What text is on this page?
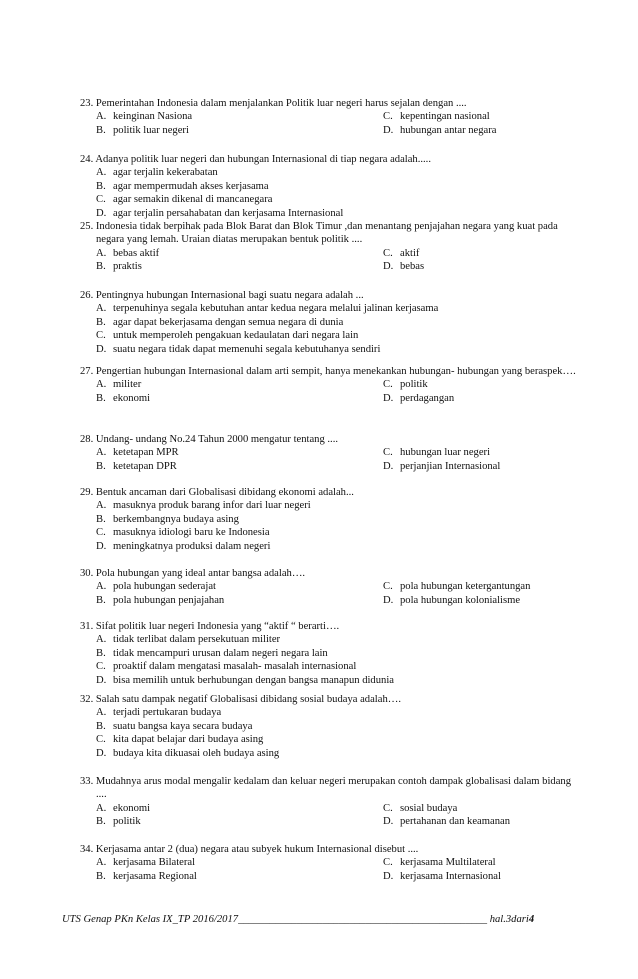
23. Pemerintahan Indonesia dalam menjalankan Politik luar negeri harus sejalan dengan ....

A. keinginan Nasiona	C. kepentingan nasional
B. politik luar negeri	D. hubungan antar negara

24. Adanya politik luar negeri dan hubungan Internasional di tiap negara adalah.....

A. agar terjalin kekerabatan
B. agar mempermudah akses kerjasama
C. agar semakin dikenal di mancanegara
D. agar terjalin persahabatan dan kerjasama Internasional

25. Indonesia tidak berpihak pada Blok Barat dan Blok Timur ,dan menantang penjajahan negara yang kuat pada negara yang lemah. Uraian diatas merupakan bentuk politik ....

A. bebas aktif	C. aktif
B. praktis	D. bebas

26. Pentingnya hubungan Internasional bagi suatu negara adalah ...

A. terpenuhinya segala kebutuhan antar kedua negara melalui jalinan kerjasama
B. agar dapat bekerjasama dengan semua negara di dunia
C. untuk memperoleh pengakuan kedaulatan dari negara lain
D. suatu negara tidak dapat memenuhi segala kebutuhanya sendiri

27. Pengertian hubungan Internasional dalam arti sempit, hanya menekankan hubungan- hubungan yang beraspek….

A. militer	C. politik
B. ekonomi	D. perdagangan

28. Undang- undang No.24 Tahun 2000 mengatur tentang ....

A. ketetapan MPR	C. hubungan luar negeri
B. ketetapan DPR	D. perjanjian Internasional

29. Bentuk ancaman dari Globalisasi dibidang ekonomi adalah...

A. masuknya produk barang infor dari luar negeri
B. berkembangnya budaya asing
C. masuknya idiologi baru ke Indonesia
D. meningkatnya produksi dalam negeri

30. Pola hubungan yang ideal antar bangsa adalah….

A. pola hubungan sederajat	C. pola hubungan ketergantungan
B. pola hubungan penjajahan	D. pola hubungan kolonialisme

31. Sifat politik luar negeri Indonesia yang “aktif “ berarti….

A. tidak terlibat dalam persekutuan militer
B. tidak mencampuri urusan dalam negeri negara lain
C. proaktif dalam mengatasi masalah- masalah internasional
D. bisa memilih untuk berhubungan dengan bangsa manapun didunia

32. Salah satu dampak negatif Globalisasi dibidang sosial budaya adalah….

A. terjadi pertukaran budaya
B. suatu bangsa kaya secara budaya
C. kita dapat belajar dari budaya asing
D. budaya kita dikuasai oleh budaya asing

33. Mudahnya arus modal mengalir kedalam dan keluar negeri merupakan contoh dampak globalisasi dalam bidang ....

A. ekonomi	C. sosial budaya
B. politik	D. pertahanan dan keamanan

34. Kerjasama antar 2 (dua) negara atau subyek hukum Internasional disebut ....

A. kerjasama Bilateral	C. kerjasama Multilateral
B. kerjasama Regional	D. kerjasama Internasional
UTS Genap PKn Kelas IX_TP 2016/2017_______________________________________________ hal.3dari4
